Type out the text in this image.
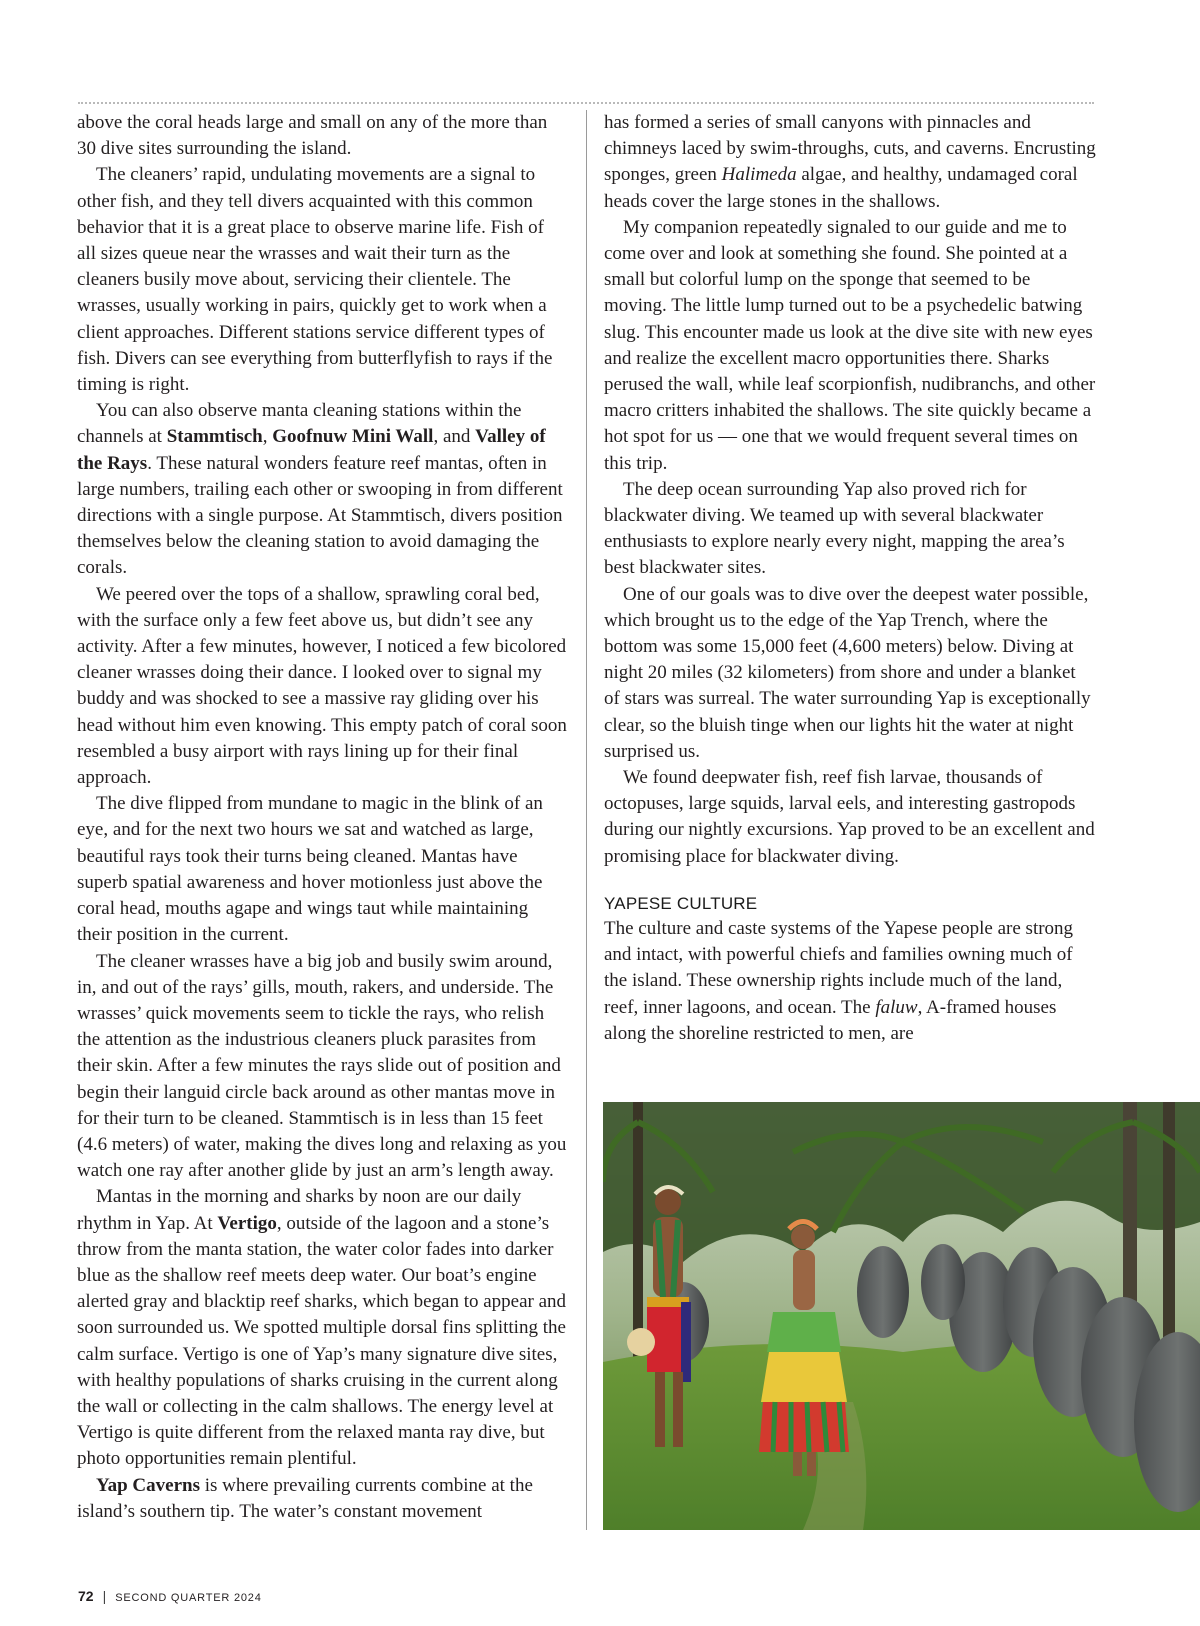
above the coral heads large and small on any of the more than 30 dive sites surrounding the island.

The cleaners’ rapid, undulating movements are a signal to other fish, and they tell divers acquainted with this common behavior that it is a great place to observe marine life. Fish of all sizes queue near the wrasses and wait their turn as the cleaners busily move about, servicing their clientele. The wrasses, usually working in pairs, quickly get to work when a client approaches. Different stations service different types of fish. Divers can see everything from butterflyfish to rays if the timing is right.

You can also observe manta cleaning stations within the channels at Stammtisch, Goofnuw Mini Wall, and Valley of the Rays. These natural wonders feature reef mantas, often in large numbers, trailing each other or swooping in from different directions with a single purpose. At Stammtisch, divers position themselves below the cleaning station to avoid damaging the corals.

We peered over the tops of a shallow, sprawling coral bed, with the surface only a few feet above us, but didn’t see any activity. After a few minutes, however, I noticed a few bicolored cleaner wrasses doing their dance. I looked over to signal my buddy and was shocked to see a massive ray gliding over his head without him even knowing. This empty patch of coral soon resembled a busy airport with rays lining up for their final approach.

The dive flipped from mundane to magic in the blink of an eye, and for the next two hours we sat and watched as large, beautiful rays took their turns being cleaned. Mantas have superb spatial awareness and hover motionless just above the coral head, mouths agape and wings taut while maintaining their position in the current.

The cleaner wrasses have a big job and busily swim around, in, and out of the rays’ gills, mouth, rakers, and underside. The wrasses’ quick movements seem to tickle the rays, who relish the attention as the industrious cleaners pluck parasites from their skin. After a few minutes the rays slide out of position and begin their languid circle back around as other mantas move in for their turn to be cleaned. Stammtisch is in less than 15 feet (4.6 meters) of water, making the dives long and relaxing as you watch one ray after another glide by just an arm’s length away.

Mantas in the morning and sharks by noon are our daily rhythm in Yap. At Vertigo, outside of the lagoon and a stone’s throw from the manta station, the water color fades into darker blue as the shallow reef meets deep water. Our boat’s engine alerted gray and blacktip reef sharks, which began to appear and soon surrounded us. We spotted multiple dorsal fins splitting the calm surface. Vertigo is one of Yap’s many signature dive sites, with healthy populations of sharks cruising in the current along the wall or collecting in the calm shallows. The energy level at Vertigo is quite different from the relaxed manta ray dive, but photo opportunities remain plentiful.

Yap Caverns is where prevailing currents combine at the island’s southern tip. The water’s constant movement

has formed a series of small canyons with pinnacles and chimneys laced by swim-throughs, cuts, and caverns. Encrusting sponges, green Halimeda algae, and healthy, undamaged coral heads cover the large stones in the shallows.

My companion repeatedly signaled to our guide and me to come over and look at something she found. She pointed at a small but colorful lump on the sponge that seemed to be moving. The little lump turned out to be a psychedelic batwing slug. This encounter made us look at the dive site with new eyes and realize the excellent macro opportunities there. Sharks perused the wall, while leaf scorpionfish, nudibranchs, and other macro critters inhabited the shallows. The site quickly became a hot spot for us — one that we would frequent several times on this trip.

The deep ocean surrounding Yap also proved rich for blackwater diving. We teamed up with several blackwater enthusiasts to explore nearly every night, mapping the area’s best blackwater sites.

One of our goals was to dive over the deepest water possible, which brought us to the edge of the Yap Trench, where the bottom was some 15,000 feet (4,600 meters) below. Diving at night 20 miles (32 kilometers) from shore and under a blanket of stars was surreal. The water surrounding Yap is exceptionally clear, so the bluish tinge when our lights hit the water at night surprised us.

We found deepwater fish, reef fish larvae, thousands of octopuses, large squids, larval eels, and interesting gastropods during our nightly excursions. Yap proved to be an excellent and promising place for blackwater diving.

YAPESE CULTURE

The culture and caste systems of the Yapese people are strong and intact, with powerful chiefs and families owning much of the island. These ownership rights include much of the land, reef, inner lagoons, and ocean. The faluw, A-framed houses along the shoreline restricted to men, are

72 | SECOND QUARTER 2024
